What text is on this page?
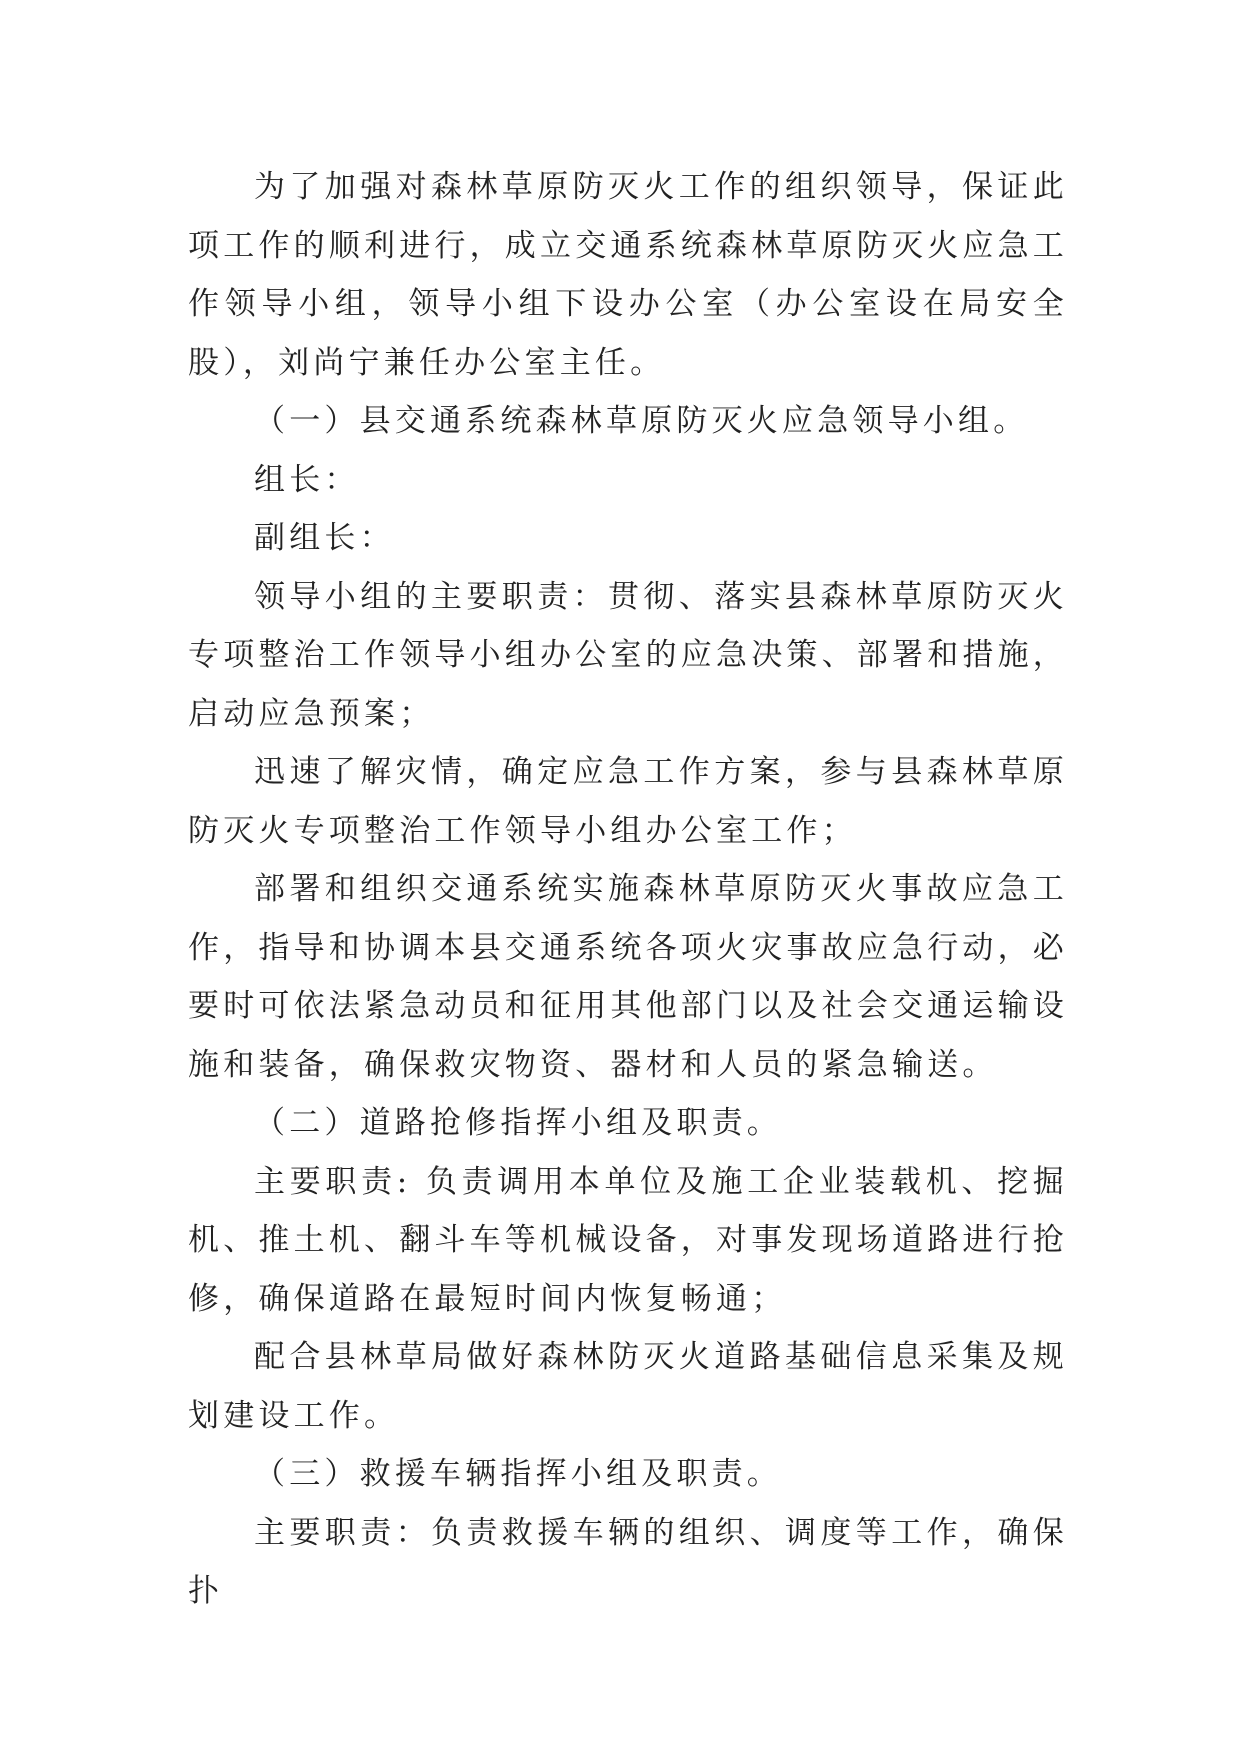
为了加强对森林草原防灭火工作的组织领导，保证此项工作的顺利进行，成立交通系统森林草原防灭火应急工作领导小组，领导小组下设办公室（办公室设在局安全股），刘尚宁兼任办公室主任。

（一）县交通系统森林草原防灭火应急领导小组。

组长：

副组长：

领导小组的主要职责：贯彻、落实县森林草原防灭火专项整治工作领导小组办公室的应急决策、部署和措施，启动应急预案；

迅速了解灾情，确定应急工作方案，参与县森林草原防灭火专项整治工作领导小组办公室工作；

部署和组织交通系统实施森林草原防灭火事故应急工作，指导和协调本县交通系统各项火灾事故应急行动，必要时可依法紧急动员和征用其他部门以及社会交通运输设施和装备，确保救灾物资、器材和人员的紧急输送。

（二）道路抢修指挥小组及职责。

主要职责: 负责调用本单位及施工企业装载机、挖掘机、推土机、翻斗车等机械设备，对事发现场道路进行抢修，确保道路在最短时间内恢复畅通；

配合县林草局做好森林防灭火道路基础信息采集及规划建设工作。

（三）救援车辆指挥小组及职责。

主要职责：负责救援车辆的组织、调度等工作，确保扑
